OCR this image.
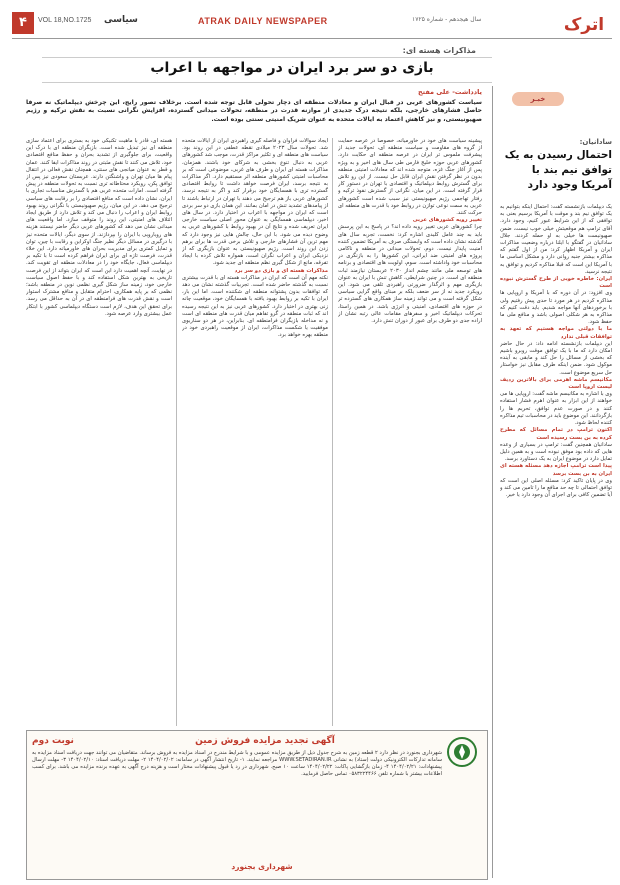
۴	VOL 18,NO.1725 سیاسی	ATRAK DAILY NEWSPAPER	سال هیجدهم - شماره ۱۷۲۵	اترک
مذاکرات هسته ای:
بازی دو سر برد ایران در مواجهه با اعراب
یادداشت- علی مفتح
سیاست کشورهای عربی در قبال ایران و معادلات منطقه ای دچار تحولی قابل توجه شده است. برخلاف تصور رایج، این چرخش دیپلماتیک نه صرفا حاصل فشارهای خارجی، بلکه نتیجه درک جدیدی از موازنه قدرت در منطقه، تحولات میدانی گسترده، افزایش نگرانی نسبت به نقش ترکیه و رژیم صهیونیستی، و نیز کاهش اعتماد به ایالات متحده به عنوان شریک امنیتی سنتی بوده است.
پیشینه سیاست های خود در خاورمیانه، خصوصا در عرصه حمایت از گروه های مقاومت و سیاست منطقه ای، تحولات جدید از پیشرفت ملموس تر ایران در عرصه منطقه ای حکایت دارد. کشورهای عربی حوزه خلیج فارس طی سال های اخیر و به ویژه پس از آغاز جنگ غزه، متوجه شده اند که معادلات امنیتی منطقه بدون در نظر گرفتن نقش ایران قابل حل نیست. از این رو تلاش برای گسترش روابط دیپلماتیک و اقتصادی با تهران در دستور کار قرار گرفته است. در این میان، نگرانی از گسترش نفوذ ترکیه و رفتار تهاجمی رژیم صهیونیستی نیز سبب شده است کشورهای عربی به سمت نوعی توازن در روابط خود با قدرت های منطقه ای حرکت کنند.
تغییر رویه کشورهای عربی
چرا کشورهای عربی تغییر رویه داده اند؟ در پاسخ به این پرسش باید به چند عامل کلیدی اشاره کرد: نخست، تجربه سال های گذشته نشان داده است که وابستگی صرف به آمریکا تضمین کننده امنیت پایدار نیست. دوم، تحولات میدانی در منطقه و ناکامی پروژه های امنیتی ضد ایرانی، این کشورها را به بازنگری در محاسبات خود واداشته است. سوم، اولویت های اقتصادی و برنامه های توسعه ملی مانند چشم انداز ۲۰۳۰ عربستان نیازمند ثبات منطقه ای است. در چنین شرایطی، کاهش تنش با ایران به عنوان بازیگری مهم و اثرگذار ضرورتی راهبردی تلقی می شود. این رویکرد جدید نه از سر ضعف بلکه بر مبنای واقع گرایی سیاسی شکل گرفته است و می تواند زمینه ساز همکاری های گسترده تر در حوزه های اقتصادی، امنیتی و انرژی باشد. در همین راستا، تحرکات دیپلماتیک اخیر و سفرهای مقامات عالی رتبه نشان از اراده جدی دو طرف برای عبور از دوران تنش دارد.
ایجاد سوالات فراوان و فاصله گیری راهبردی ایران از ایالات متحده شد. تحولات سال ۲۰۲۳ میلادی نقطه عطفی در این روند بود. سیاست های منطقه ای و تکثیر مراکز قدرت، موجب شد کشورهای عربی به دنبال تنوع بخشی به شرکای خود باشند. همزمان، مذاکرات هسته ای ایران و طرف های غربی، موضوعی است که بر محاسبات امنیتی کشورهای منطقه اثر مستقیم دارد. اگر مذاکرات به نتیجه برسد، ایران فرصت خواهد داشت تا روابط اقتصادی گسترده تری با همسایگان خود برقرار کند و اگر به نتیجه نرسد، کشورهای عربی باز هم ترجیح می دهند با تهران در ارتباط باشند تا از پیامدهای تشدید تنش در امان بمانند. این همان بازی دو سر بردی است که ایران در مواجهه با اعراب در اختیار دارد. در سال های اخیر، دیپلماسی همسایگی به عنوان محور اصلی سیاست خارجی ایران تعریف شده و نتایج آن در بهبود روابط با کشورهای عربی به وضوح دیده می شود. با این حال، چالش هایی نیز وجود دارد که مهم ترین آن فشارهای خارجی و تلاش برخی قدرت ها برای برهم زدن این روند است. رژیم صهیونیستی به عنوان بازیگری که از نزدیکی ایران و اعراب نگران است، همواره تلاش کرده با ایجاد تفرقه، مانع از شکل گیری نظم منطقه ای جدید شود.
مذاکرات هسته ای و بازی دو سر برد
نکته مهم آن است که ایران در مذاکرات هسته ای با قدرت بیشتری نسبت به گذشته حاضر شده است. تجربیات گذشته نشان می دهد که توافقات بدون پشتوانه منطقه ای شکننده است. اما این بار، ایران با تکیه بر روابط بهبود یافته با همسایگان خود، موقعیت چانه زنی بهتری در اختیار دارد. کشورهای عربی نیز به این نتیجه رسیده اند که ثبات منطقه در گرو تفاهم میان قدرت های منطقه ای است و نه مداخله بازیگران فرامنطقه ای. بنابراین، در هر دو سناریوی موفقیت یا شکست مذاکرات، ایران از موقعیت راهبردی خود در منطقه بهره خواهد برد.
هسته ای، قادر با ماهیت تکنیکی خود به بستری برای اعتماد سازی منطقه ای نیز تبدیل شده است. بازیگران منطقه ای با درک این واقعیت، برای جلوگیری از تشدید بحران و حفظ منافع اقتصادی خود، تلاش می کنند تا نقش مثبتی در روند مذاکرات ایفا کنند. عمان و قطر به عنوان میانجی های سنتی، همچنان نقش فعالی در انتقال پیام ها میان تهران و واشنگتن دارند. عربستان سعودی نیز پس از توافق پکن، رویکرد محتاطانه تری نسبت به تحولات منطقه در پیش گرفته است. امارات متحده عربی هم با گسترش مناسبات تجاری با ایران، نشان داده است که منافع اقتصادی را بر رقابت های سیاسی ترجیح می دهد. در این میان، رژیم صهیونیستی با نگرانی روند بهبود روابط ایران و اعراب را دنبال می کند و تلاش دارد از طریق ایجاد ائتلاف های امنیتی، این روند را متوقف سازد. اما واقعیت های میدانی نشان می دهد که کشورهای عربی دیگر حاضر نیستند هزینه های رویارویی با ایران را بپردازند. از سوی دیگر، ایالات متحده نیز با درگیری در مسائل دیگر نظیر جنگ اوکراین و رقابت با چین، توان و تمایل کمتری برای مدیریت بحران های خاورمیانه دارد. این خلاء قدرت، فرصت تازه ای برای ایران فراهم کرده است تا با تکیه بر دیپلماسی فعال، جایگاه خود را در معادلات منطقه ای تقویت کند. در نهایت، آنچه اهمیت دارد این است که ایران بتواند از این فرصت تاریخی به بهترین شکل استفاده کند و با حفظ اصول سیاست خارجی خود، زمینه ساز شکل گیری نظمی نوین در منطقه باشد؛ نظمی که بر پایه همکاری، احترام متقابل و منافع مشترک استوار است و نقش قدرت های فرامنطقه ای در آن به حداقل می رسد. برای تحقق این هدف، لازم است دستگاه دیپلماسی کشور با ابتکار عمل بیشتری وارد عرصه شود.
خبـر
سادانیان:
احتمال رسیدن به یک توافق نیم بند با آمریکا وجود دارد
یک دیپلمات بازنشسته گفت: احتمال اینکه بتوانیم به یک توافق نیم بند و موقت با آمریکا برسیم بعنی به توافقی که از این شرایط عبور کنیم، وجود دارد. آقای ترامپ هم موقعیتش خیلی خوب نیست، ضمن صهیونیست ها خیلی به او حمله کردند. جلال سادانیان در گفتگو با ایلنا درباره وضعیت مذاکرات ایران و آمریکا اظهار کرد: من از اول گفتم که مذاکره بیشتر جنبه روانی دارد و مشکل اساسی ما با آمریکا این است که قبلا مذاکره کردیم و توافق به نتیجه نرسید.
ایران: خاطره خوبی از طرح گسترش نبوده است
وی افزود: در آن دوره که با آمریکا و اروپایی ها مذاکره کردیم در هر مورد تا حدی پیش رفتیم ولی با برخوردهای آنها مواجه شدیم. باید دقت کنیم که مذاکره به هر شکلی اصولی باشد و منافع ملی ما حفظ شود.
ما با دولتی مواجه هستیم که تعهد به توافقات قبلی ندارد
این دیپلمات بازنشسته ادامه داد: در حال حاضر امکان دارد که ما با یک توافق موقت روبرو باشیم که بخشی از مسائل را حل کند و مابقی به آینده موکول شود. ضمن اینکه طرف مقابل نیز خواستار حل سریع موضوع است.
مکانیسم ماشه اهرمی برای بالاترین ردیف لیست اروپا است
وی با اشاره به مکانیسم ماشه گفت: اروپایی ها می خواهند از این ابزار به عنوان اهرم فشار استفاده کنند و در صورت عدم توافق، تحریم ها را بازگردانند. این موضوع باید در محاسبات تیم مذاکره کننده لحاظ شود.
اکنون ترامپ در تمام مسائل که مطرح کرده به بن بست رسیده است
سادانیان همچنین گفت: ترامپ در بسیاری از وعده هایی که داده بود موفق نبوده است و به همین دلیل تمایل دارد در موضوع ایران به یک دستاورد برسد.
پیدا است ترامپ اجازه دهد مسئله هسته ای ایران به بن بست برسد
وی در پایان تاکید کرد: مسئله اصلی این است که توافق احتمالی تا چه حد منافع ما را تامین می کند و آیا تضمین کافی برای اجرای آن وجود دارد یا خیر.
آگهی تجدید مزایده فروش زمین
نوبت دوم
شهرداری بجنورد در نظر دارد ۲ قطعه زمین به شرح جدول ذیل از طریق مزایده عمومی و با شرایط مندرج در اسناد مزایده به فروش برساند. متقاضیان می توانند جهت دریافت اسناد مزایده به سامانه تدارکات الکترونیکی دولت (ستاد) به نشانی WWW.SETADIRAN.IR مراجعه نمایند. ۱- تاریخ انتشار آگهی در سامانه: ۱۴۰۴/۰۲/۰۲ ۲- مهلت دریافت اسناد: ۱۴۰۴/۰۲/۱۰ ۳- مهلت ارسال پیشنهادات: ۱۴۰۴/۰۲/۲۱ ۴- زمان بازگشایی پاکات: ۱۴۰۴/۰۲/۲۲ ساعت ۱۰ صبح. شهرداری در رد یا قبول پیشنهادات مختار است و هزینه درج آگهی به عهده برنده مزایده می باشد. برای کسب اطلاعات بیشتر با شماره تلفن ۰۵۸۳۲۲۴۴۶۶ تماس حاصل فرمایید.
شهرداری بجنورد
